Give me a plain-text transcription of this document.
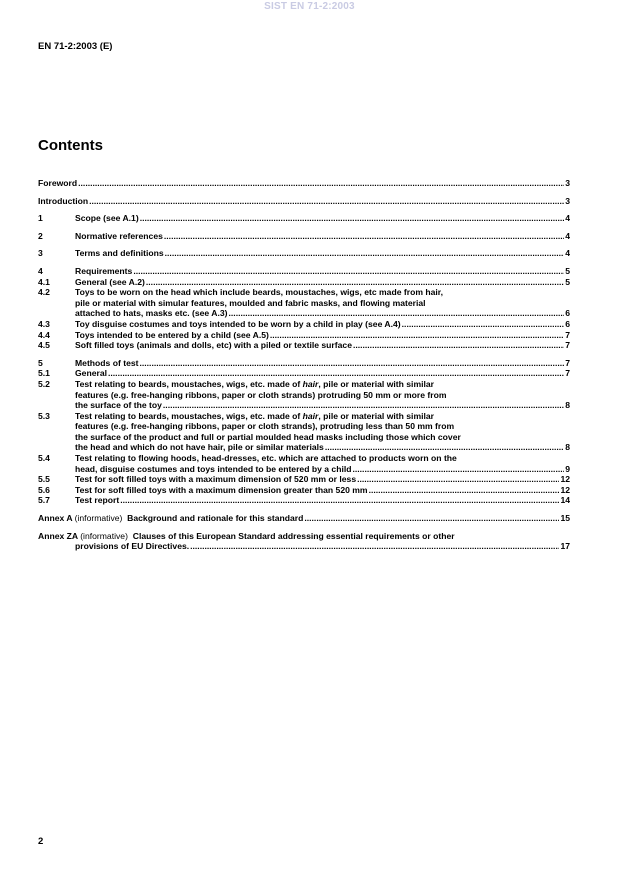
SIST EN 71-2:2003
EN 71-2:2003 (E)
Contents
Foreword .....	3
Introduction .....	3
1	Scope (see A.1) .....	4
2	Normative references .....	4
3	Terms and definitions .....	4
4	Requirements .....	5
4.1	General (see A.2) .....	5
4.2	Toys to be worn on the head which include beards, moustaches, wigs, etc made from hair,
pile or material with simular features, moulded and fabric masks, and flowing material
attached to hats, masks etc. (see A.3) .....	6
4.3	Toy disguise costumes and toys intended to be worn by a child in play (see A.4) .....	6
4.4	Toys intended to be entered by a child (see A.5) .....	7
4.5	Soft filled toys (animals and dolls, etc) with a piled or textile surface .....	7
5	Methods of test .....	7
5.1	General .....	7
5.2	Test relating to beards, moustaches, wigs, etc. made of hair, pile or material with similar
features (e.g. free-hanging ribbons, paper or cloth strands) protruding 50 mm or more from
the surface of the toy .....	8
5.3	Test relating to beards, moustaches, wigs, etc. made of hair, pile or material with similar
features (e.g. free-hanging ribbons, paper or cloth strands), protruding less than 50 mm from
the surface of the product and full or partial moulded head masks including those which cover
the head and which do not have hair, pile or similar materials .....	8
5.4	Test relating to flowing hoods, head-dresses, etc. which are attached to products worn on the
head, disguise costumes and toys intended to be entered by a child .....	9
5.5	Test for soft filled toys with a maximum dimension of 520 mm or less .....	12
5.6	Test for soft filled toys with a maximum dimension greater than 520 mm .....	12
5.7	Test report .....	14
Annex A (informative) Background and rationale for this standard .....	15
Annex ZA (informative) Clauses of this European Standard addressing essential requirements or other
provisions of EU Directives. .....	17
2
